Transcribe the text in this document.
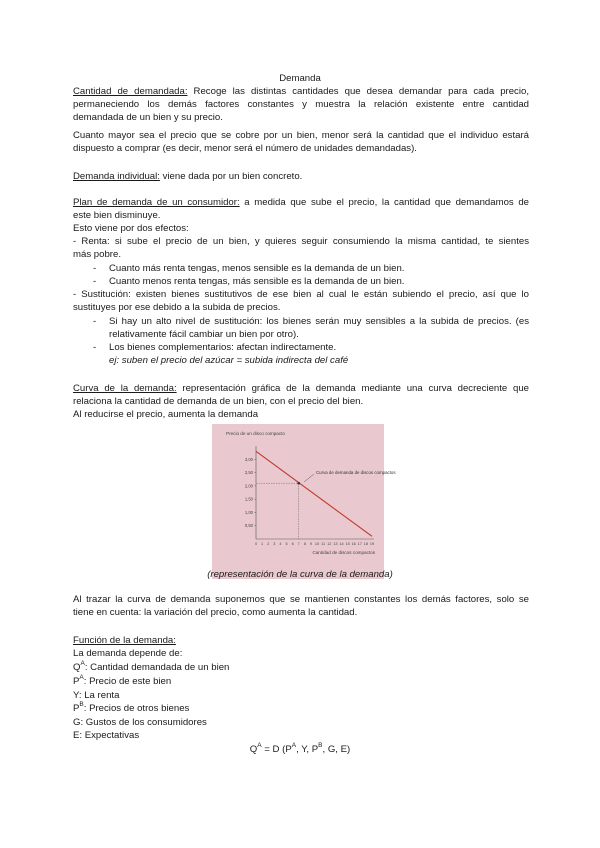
Demanda
Cantidad de demandada: Recoge las distintas cantidades que desea demandar para cada precio,
permaneciendo los demás factores constantes y muestra la relación existente entre cantidad
demandada de un bien y su precio.
Cuanto mayor sea el precio que se cobre por un bien, menor será la cantidad que el individuo estará
dispuesto a comprar (es decir, menor será el número de unidades demandadas).
Demanda individual: viene dada por un bien concreto.
Plan de demanda de un consumidor: a medida que sube el precio, la cantidad que demandamos de
este bien disminuye.
Esto viene por dos efectos:
- Renta: si sube el precio de un bien, y quieres seguir consumiendo la misma cantidad, te sientes
más pobre.
- Cuanto más renta tengas, menos sensible es la demanda de un bien.
- Cuanto menos renta tengas, más sensible es la demanda de un bien.
- Sustitución: existen bienes sustitutivos de ese bien al cual le están subiendo el precio, así que lo
sustituyes por ese debido a la subida de precios.
-	Si hay un alto nivel de sustitución: los bienes serán muy sensibles a la subida de precios. (es
relativamente fácil cambiar un bien por otro).
-	Los bienes complementarios: afectan indirectamente.
ej: suben el precio del azúcar = subida indirecta del café
Curva de la demanda: representación gráfica de la demanda mediante una curva decreciente que
relaciona la cantidad de demanda de un bien, con el precio del bien.
Al reducirse el precio, aumenta la demanda
Precio de un disco compacto
Cantidad de discos compactos
0,50
1,00
1,50
2,00
2,50
3,00
0 1 2 3 4 5 6 7 8 9 10 11 12 13 14 15 16 17 18 19
Curva de demanda de discos compactos
(representación de la curva de la demanda)
Al trazar la curva de demanda suponemos que se mantienen constantes los demás factores, solo se
tiene en cuenta: la variación del precio, como aumenta la cantidad.
Función de la demanda:
La demanda depende de:
$Q^A$: Cantidad demandada de un bien
$P^A$: Precio de este bien
Y: La renta
$P^B$: Precios de otros bienes
G: Gustos de los consumidores
E: Expectativas
$Q^A = D$ ($P^A$, Y, $P^B$, G, E)
